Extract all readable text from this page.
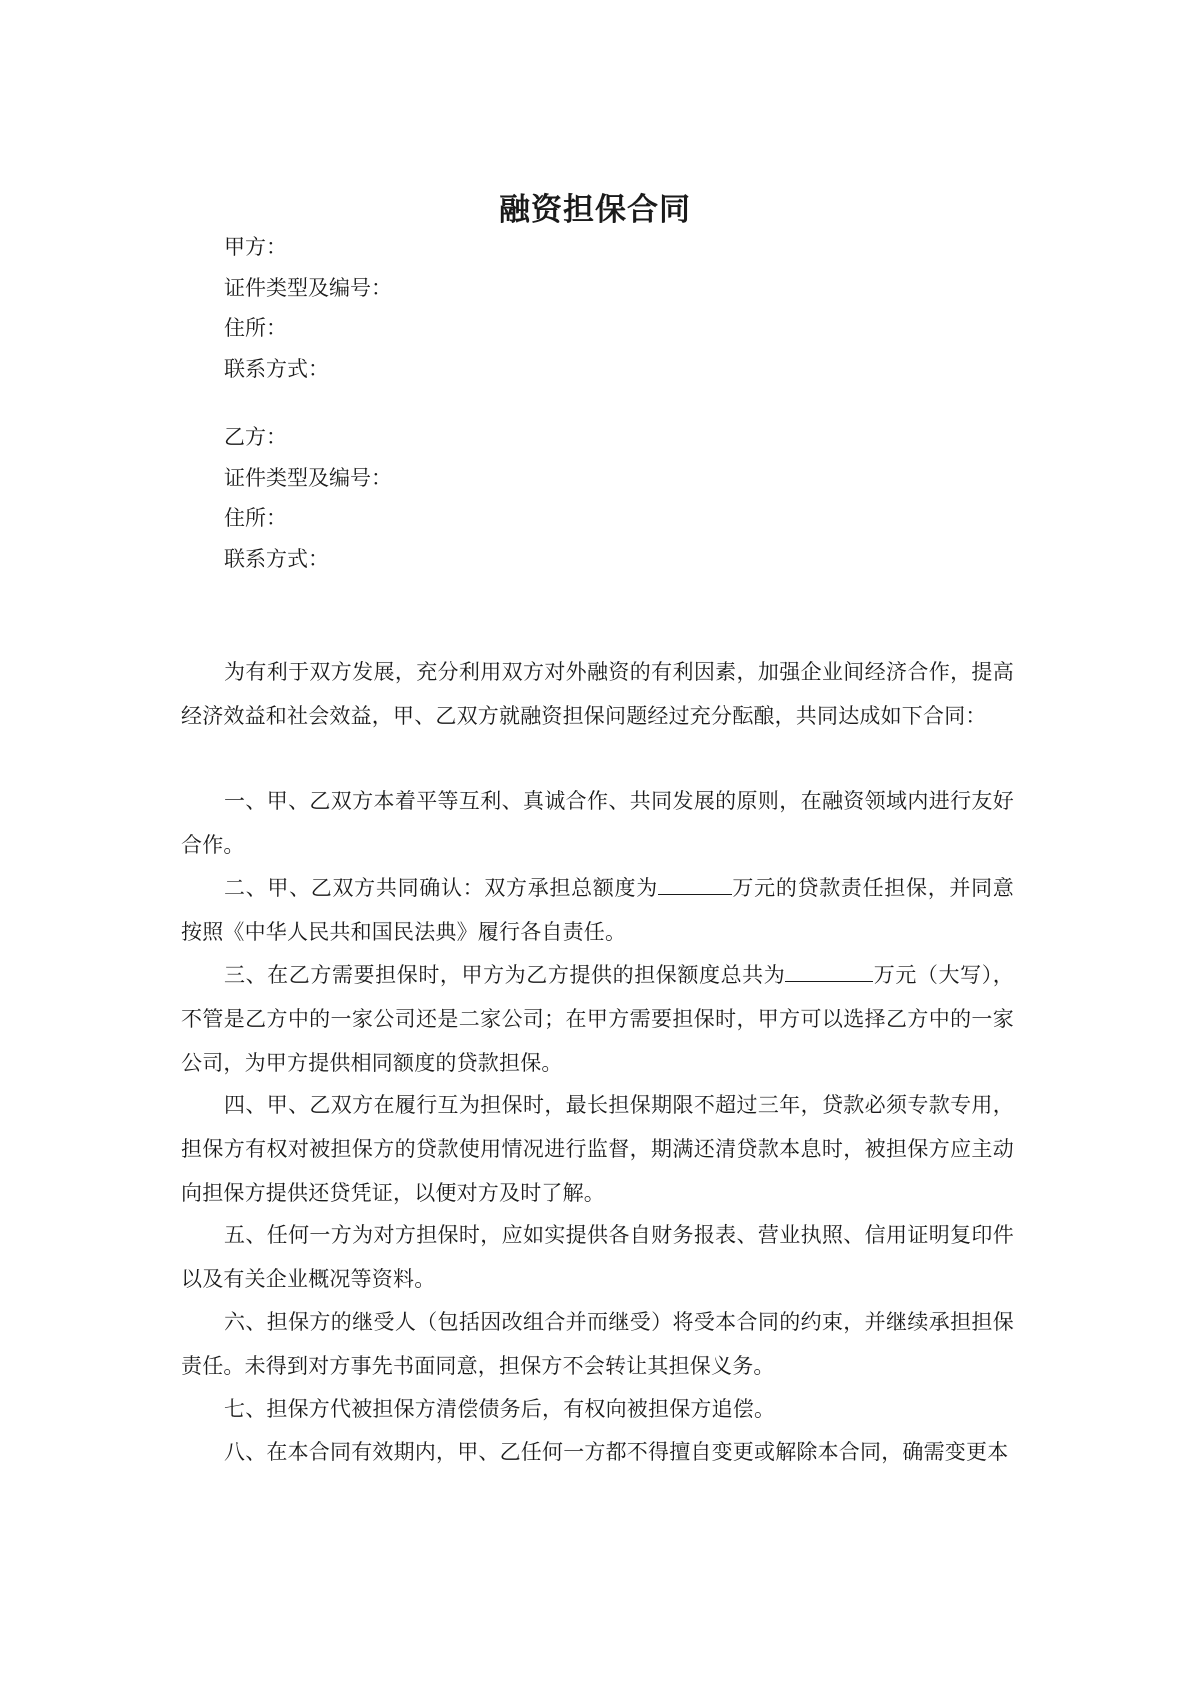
融资担保合同
甲方：
证件类型及编号：
住所：
联系方式：
乙方：
证件类型及编号：
住所：
联系方式：
为有利于双方发展，充分利用双方对外融资的有利因素，加强企业间经济合作，提高经济效益和社会效益，甲、乙双方就融资担保问题经过充分酝酿，共同达成如下合同：
一、甲、乙双方本着平等互利、真诚合作、共同发展的原则，在融资领域内进行友好合作。
二、甲、乙双方共同确认：双方承担总额度为	万元的贷款责任担保，并同意按照《中华人民共和国民法典》履行各自责任。
三、在乙方需要担保时，甲方为乙方提供的担保额度总共为	万元（大写），不管是乙方中的一家公司还是二家公司；在甲方需要担保时，甲方可以选择乙方中的一家公司，为甲方提供相同额度的贷款担保。
四、甲、乙双方在履行互为担保时，最长担保期限不超过三年，贷款必须专款专用，担保方有权对被担保方的贷款使用情况进行监督，期满还清贷款本息时，被担保方应主动向担保方提供还贷凭证，以便对方及时了解。
五、任何一方为对方担保时，应如实提供各自财务报表、营业执照、信用证明复印件以及有关企业概况等资料。
六、担保方的继受人（包括因改组合并而继受）将受本合同的约束，并继续承担担保责任。未得到对方事先书面同意，担保方不会转让其担保义务。
七、担保方代被担保方清偿债务后，有权向被担保方追偿。
八、在本合同有效期内，甲、乙任何一方都不得擅自变更或解除本合同，确需变更本
